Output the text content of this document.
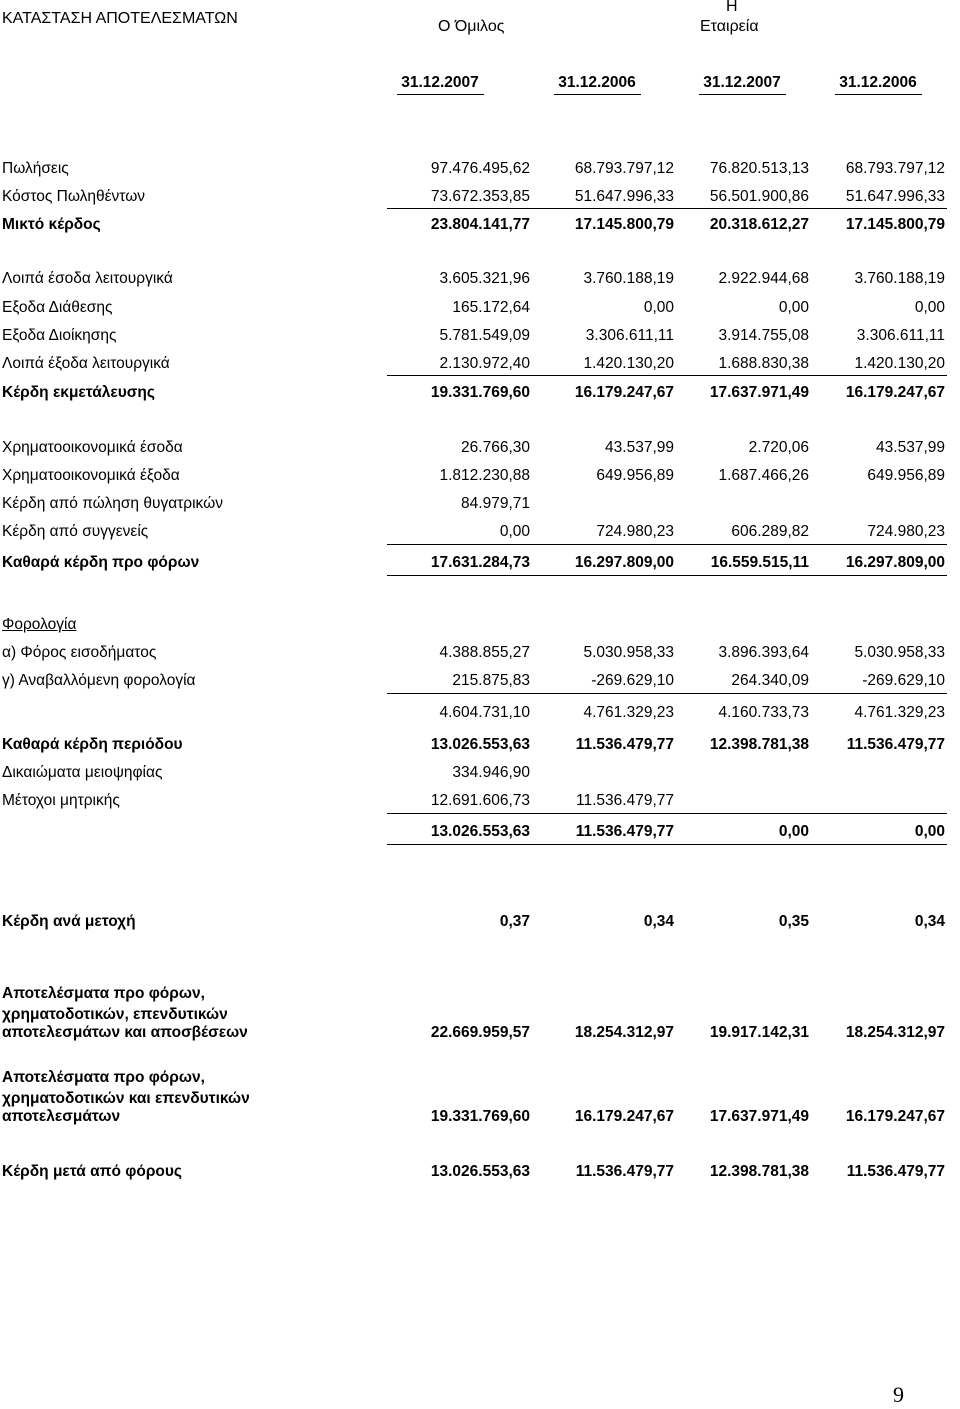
ΚΑΤΑΣΤΑΣΗ ΑΠΟΤΕΛΕΣΜΑΤΩΝ	Ο Όμιλος
Η
Εταιρεία
31.12.2007	31.12.2006	31.12.2007	31.12.2006
Πωλήσεις	97.476.495,62	68.793.797,12 76.820.513,13 68.793.797,12
Κόστος Πωληθέντων	73.672.353,85	51.647.996,33 56.501.900,86 51.647.996,33
Μικτό κέρδος	23.804.141,77	17.145.800,79 20.318.612,27 17.145.800,79
Λοιπά έσοδα λειτουργικά	3.605.321,96	3.760.188,19	2.922.944,68	3.760.188,19
Εξοδα Διάθεσης	165.172,64	0,00	0,00	0,00
Εξοδα Διοίκησης	5.781.549,09	3.306.611,11	3.914.755,08	3.306.611,11
Λοιπά έξοδα λειτουργικά	2.130.972,40	1.420.130,20	1.688.830,38	1.420.130,20
Κέρδη εκμετάλευσης	19.331.769,60	16.179.247,67 17.637.971,49 16.179.247,67
Χρηματοοικονομικά έσοδα	26.766,30	43.537,99	2.720,06	43.537,99
Χρηματοοικονομικά έξοδα	1.812.230,88	649.956,89	1.687.466,26	649.956,89
Κέρδη από πώληση θυγατρικών	84.979,71
Κέρδη από συγγενείς	0,00	724.980,23	606.289,82	724.980,23
Καθαρά κέρδη προ φόρων	17.631.284,73	16.297.809,00 16.559.515,11 16.297.809,00
Φορολογία
α) Φόρος εισοδήματος	4.388.855,27	5.030.958,33	3.896.393,64	5.030.958,33
γ) Αναβαλλόμενη φορολογία	215.875,83	-269.629,10	264.340,09	-269.629,10
4.604.731,10	4.761.329,23	4.160.733,73	4.761.329,23
Καθαρά κέρδη περιόδου	13.026.553,63	11.536.479,77 12.398.781,38 11.536.479,77
Δικαιώματα μειοψηφίας	334.946,90
Μέτοχοι μητρικής	12.691.606,73	11.536.479,77
13.026.553,63	11.536.479,77	0,00	0,00
Κέρδη ανά μετοχή	0,37	0,34	0,35	0,34
Αποτελέσματα προ φόρων,
χρηματοδοτικών, επενδυτικών
αποτελεσμάτων και αποσβέσεων	22.669.959,57	18.254.312,97 19.917.142,31 18.254.312,97
Αποτελέσματα προ φόρων,
χρηματοδοτικών και επενδυτικών
αποτελεσμάτων	19.331.769,60	16.179.247,67 17.637.971,49 16.179.247,67
Κέρδη μετά από φόρους	13.026.553,63	11.536.479,77 12.398.781,38 11.536.479,77
9
